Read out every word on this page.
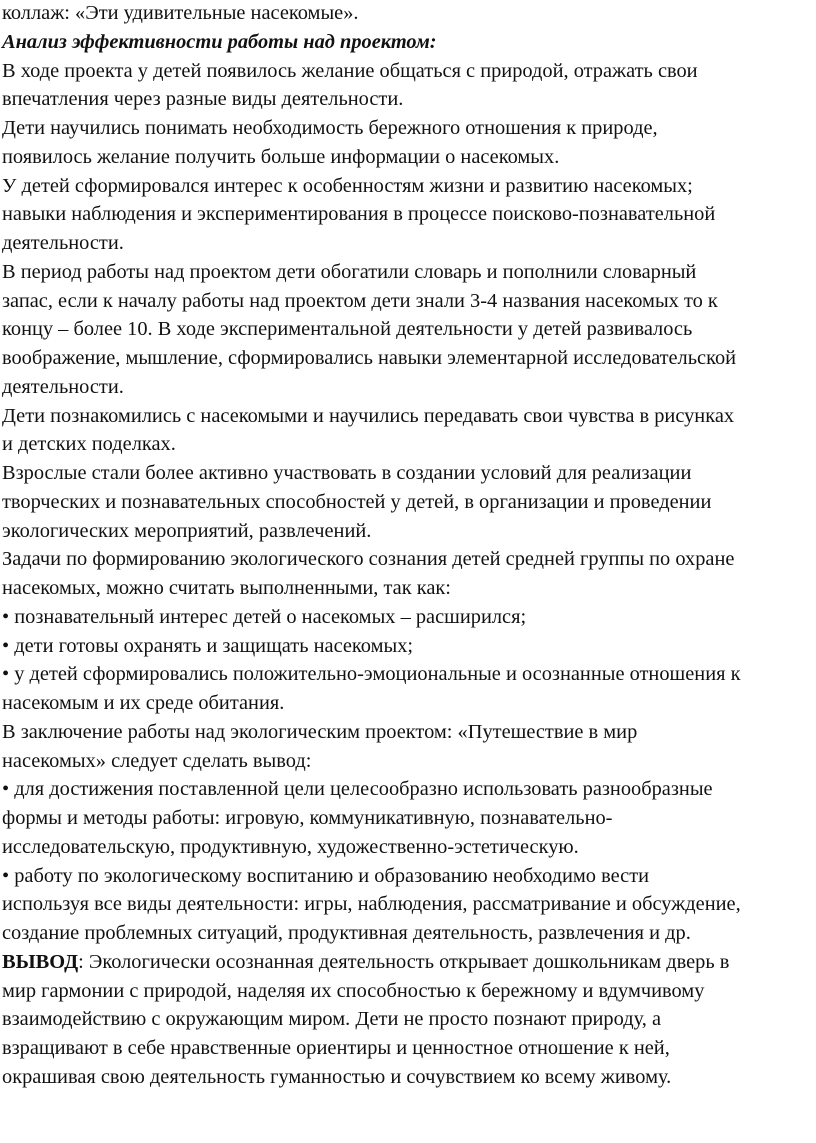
коллаж: «Эти удивительные насекомые».
Анализ эффективности работы над проектом:
В ходе проекта у детей появилось желание общаться с природой, отражать свои
впечатления через разные виды деятельности.
Дети научились понимать необходимость бережного отношения к природе,
появилось желание получить больше информации о насекомых.
У детей сформировался интерес к особенностям жизни и развитию насекомых;
навыки наблюдения и экспериментирования в процессе поисково-познавательной
деятельности.
В период работы над проектом дети обогатили словарь и пополнили словарный
запас, если к началу работы над проектом дети знали 3-4 названия насекомых то к
концу – более 10. В ходе экспериментальной деятельности у детей развивалось
воображение, мышление, сформировались навыки элементарной исследовательской
деятельности.
Дети познакомились с насекомыми и научились передавать свои чувства в рисунках
и детских поделках.
Взрослые стали более активно участвовать в создании условий для реализации
творческих и познавательных способностей у детей, в организации и проведении
экологических мероприятий, развлечений.
Задачи по формированию экологического сознания детей средней группы по охране
насекомых, можно считать выполненными, так как:
• познавательный интерес детей о насекомых – расширился;
• дети готовы охранять и защищать насекомых;
• у детей сформировались положительно-эмоциональные и осознанные отношения к
насекомым и их среде обитания.
В заключение работы над экологическим проектом: «Путешествие в мир
насекомых» следует сделать вывод:
• для достижения поставленной цели целесообразно использовать разнообразные
формы и методы работы: игровую, коммуникативную, познавательно-
исследовательскую, продуктивную, художественно-эстетическую.
• работу по экологическому воспитанию и образованию необходимо вести
используя все виды деятельности: игры, наблюдения, рассматривание и обсуждение,
создание проблемных ситуаций, продуктивная деятельность, развлечения и др.
ВЫВОД: Экологически осознанная деятельность открывает дошкольникам дверь в
мир гармонии с природой, наделяя их способностью к бережному и вдумчивому
взаимодействию с окружающим миром. Дети не просто познают природу, а
взращивают в себе нравственные ориентиры и ценностное отношение к ней,
окрашивая свою деятельность гуманностью и сочувствием ко всему живому.
